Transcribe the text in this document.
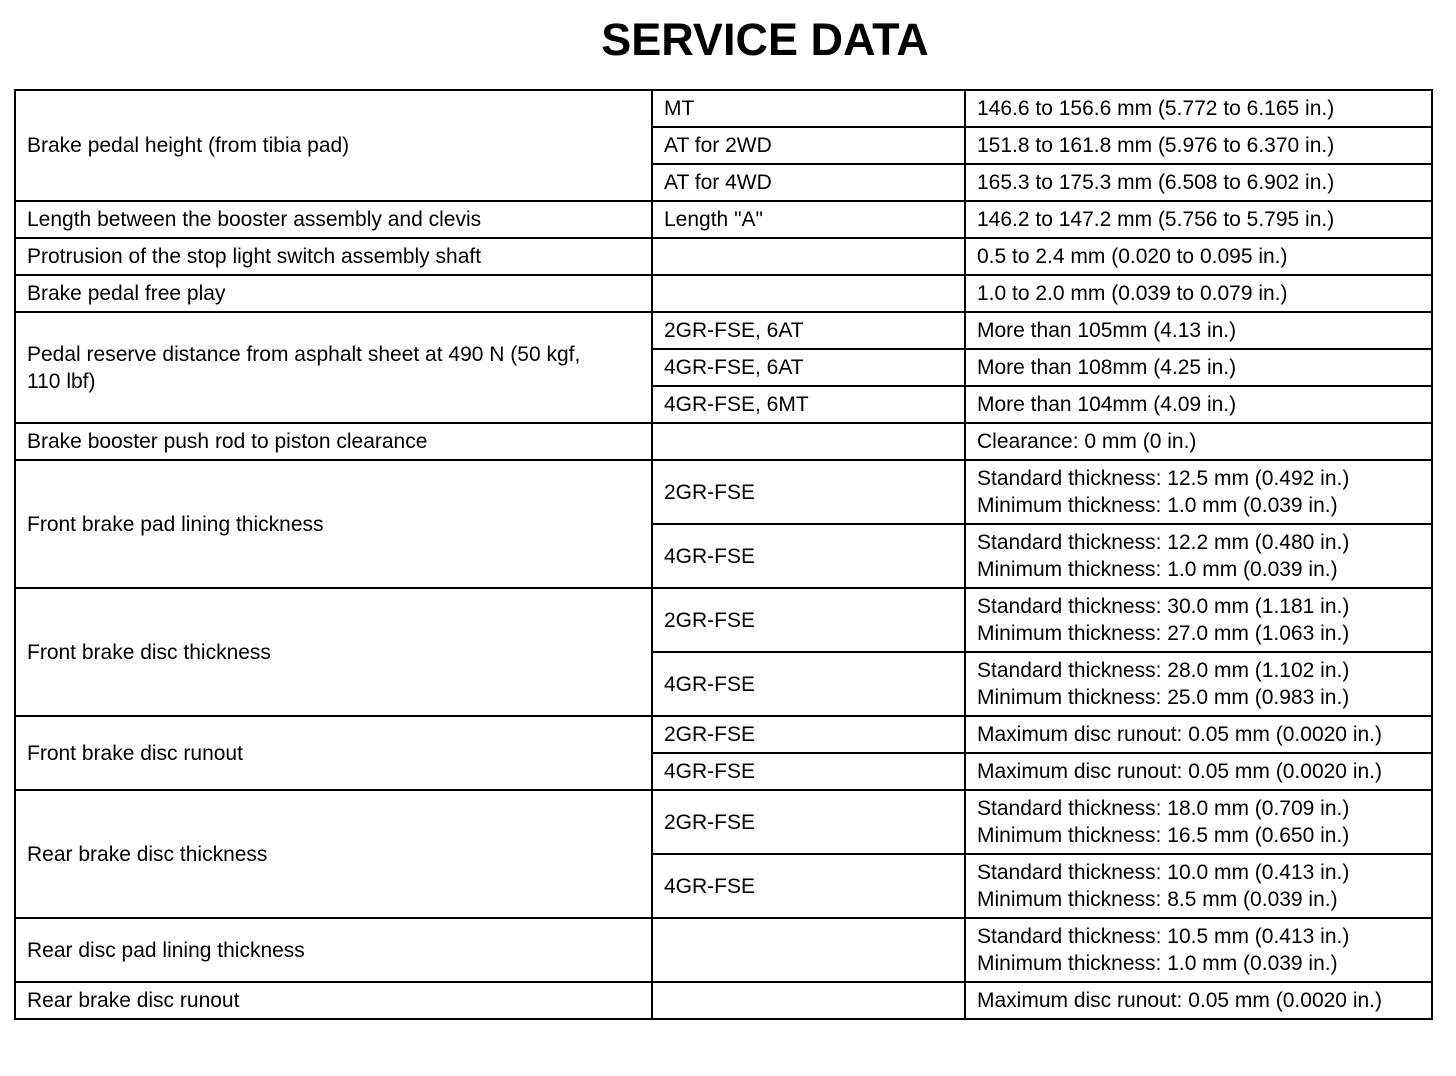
SERVICE DATA
Brake pedal height (from tibia pad)	MT	146.6 to 156.6 mm (5.772 to 6.165 in.)
	AT for 2WD	151.8 to 161.8 mm (5.976 to 6.370 in.)
	AT for 4WD	165.3 to 175.3 mm (6.508 to 6.902 in.)
Length between the booster assembly and clevis	Length "A"	146.2 to 147.2 mm (5.756 to 5.795 in.)
Protrusion of the stop light switch assembly shaft		0.5 to 2.4 mm (0.020 to 0.095 in.)
Brake pedal free play		1.0 to 2.0 mm (0.039 to 0.079 in.)

Pedal reserve distance from asphalt sheet at 490 N (50 kgf,
110 lbf)	2GR-FSE, 6AT	More than 105mm (4.13 in.)
	4GR-FSE, 6AT	More than 108mm (4.25 in.)
	4GR-FSE, 6MT	More than 104mm (4.09 in.)
Brake booster push rod to piston clearance		Clearance: 0 mm (0 in.)
Front brake pad lining thickness	2GR-FSE	Standard thickness: 12.5 mm (0.492 in.)
Minimum thickness: 1.0 mm (0.039 in.)

	4GR-FSE	Standard thickness: 12.2 mm (0.480 in.)
Minimum thickness: 1.0 mm (0.039 in.)

Front brake disc thickness	2GR-FSE	Standard thickness: 30.0 mm (1.181 in.)
Minimum thickness: 27.0 mm (1.063 in.)

	4GR-FSE	Standard thickness: 28.0 mm (1.102 in.)
Minimum thickness: 25.0 mm (0.983 in.)

Front brake disc runout	2GR-FSE	Maximum disc runout: 0.05 mm (0.0020 in.)
	4GR-FSE	Maximum disc runout: 0.05 mm (0.0020 in.)
Rear brake disc thickness	2GR-FSE	Standard thickness: 18.0 mm (0.709 in.)
Minimum thickness: 16.5 mm (0.650 in.)

	4GR-FSE	Standard thickness: 10.0 mm (0.413 in.)
Minimum thickness: 8.5 mm (0.039 in.)

Rear disc pad lining thickness		Standard thickness: 10.5 mm (0.413 in.)
Minimum thickness: 1.0 mm (0.039 in.)

Rear brake disc runout		Maximum disc runout: 0.05 mm (0.0020 in.)
